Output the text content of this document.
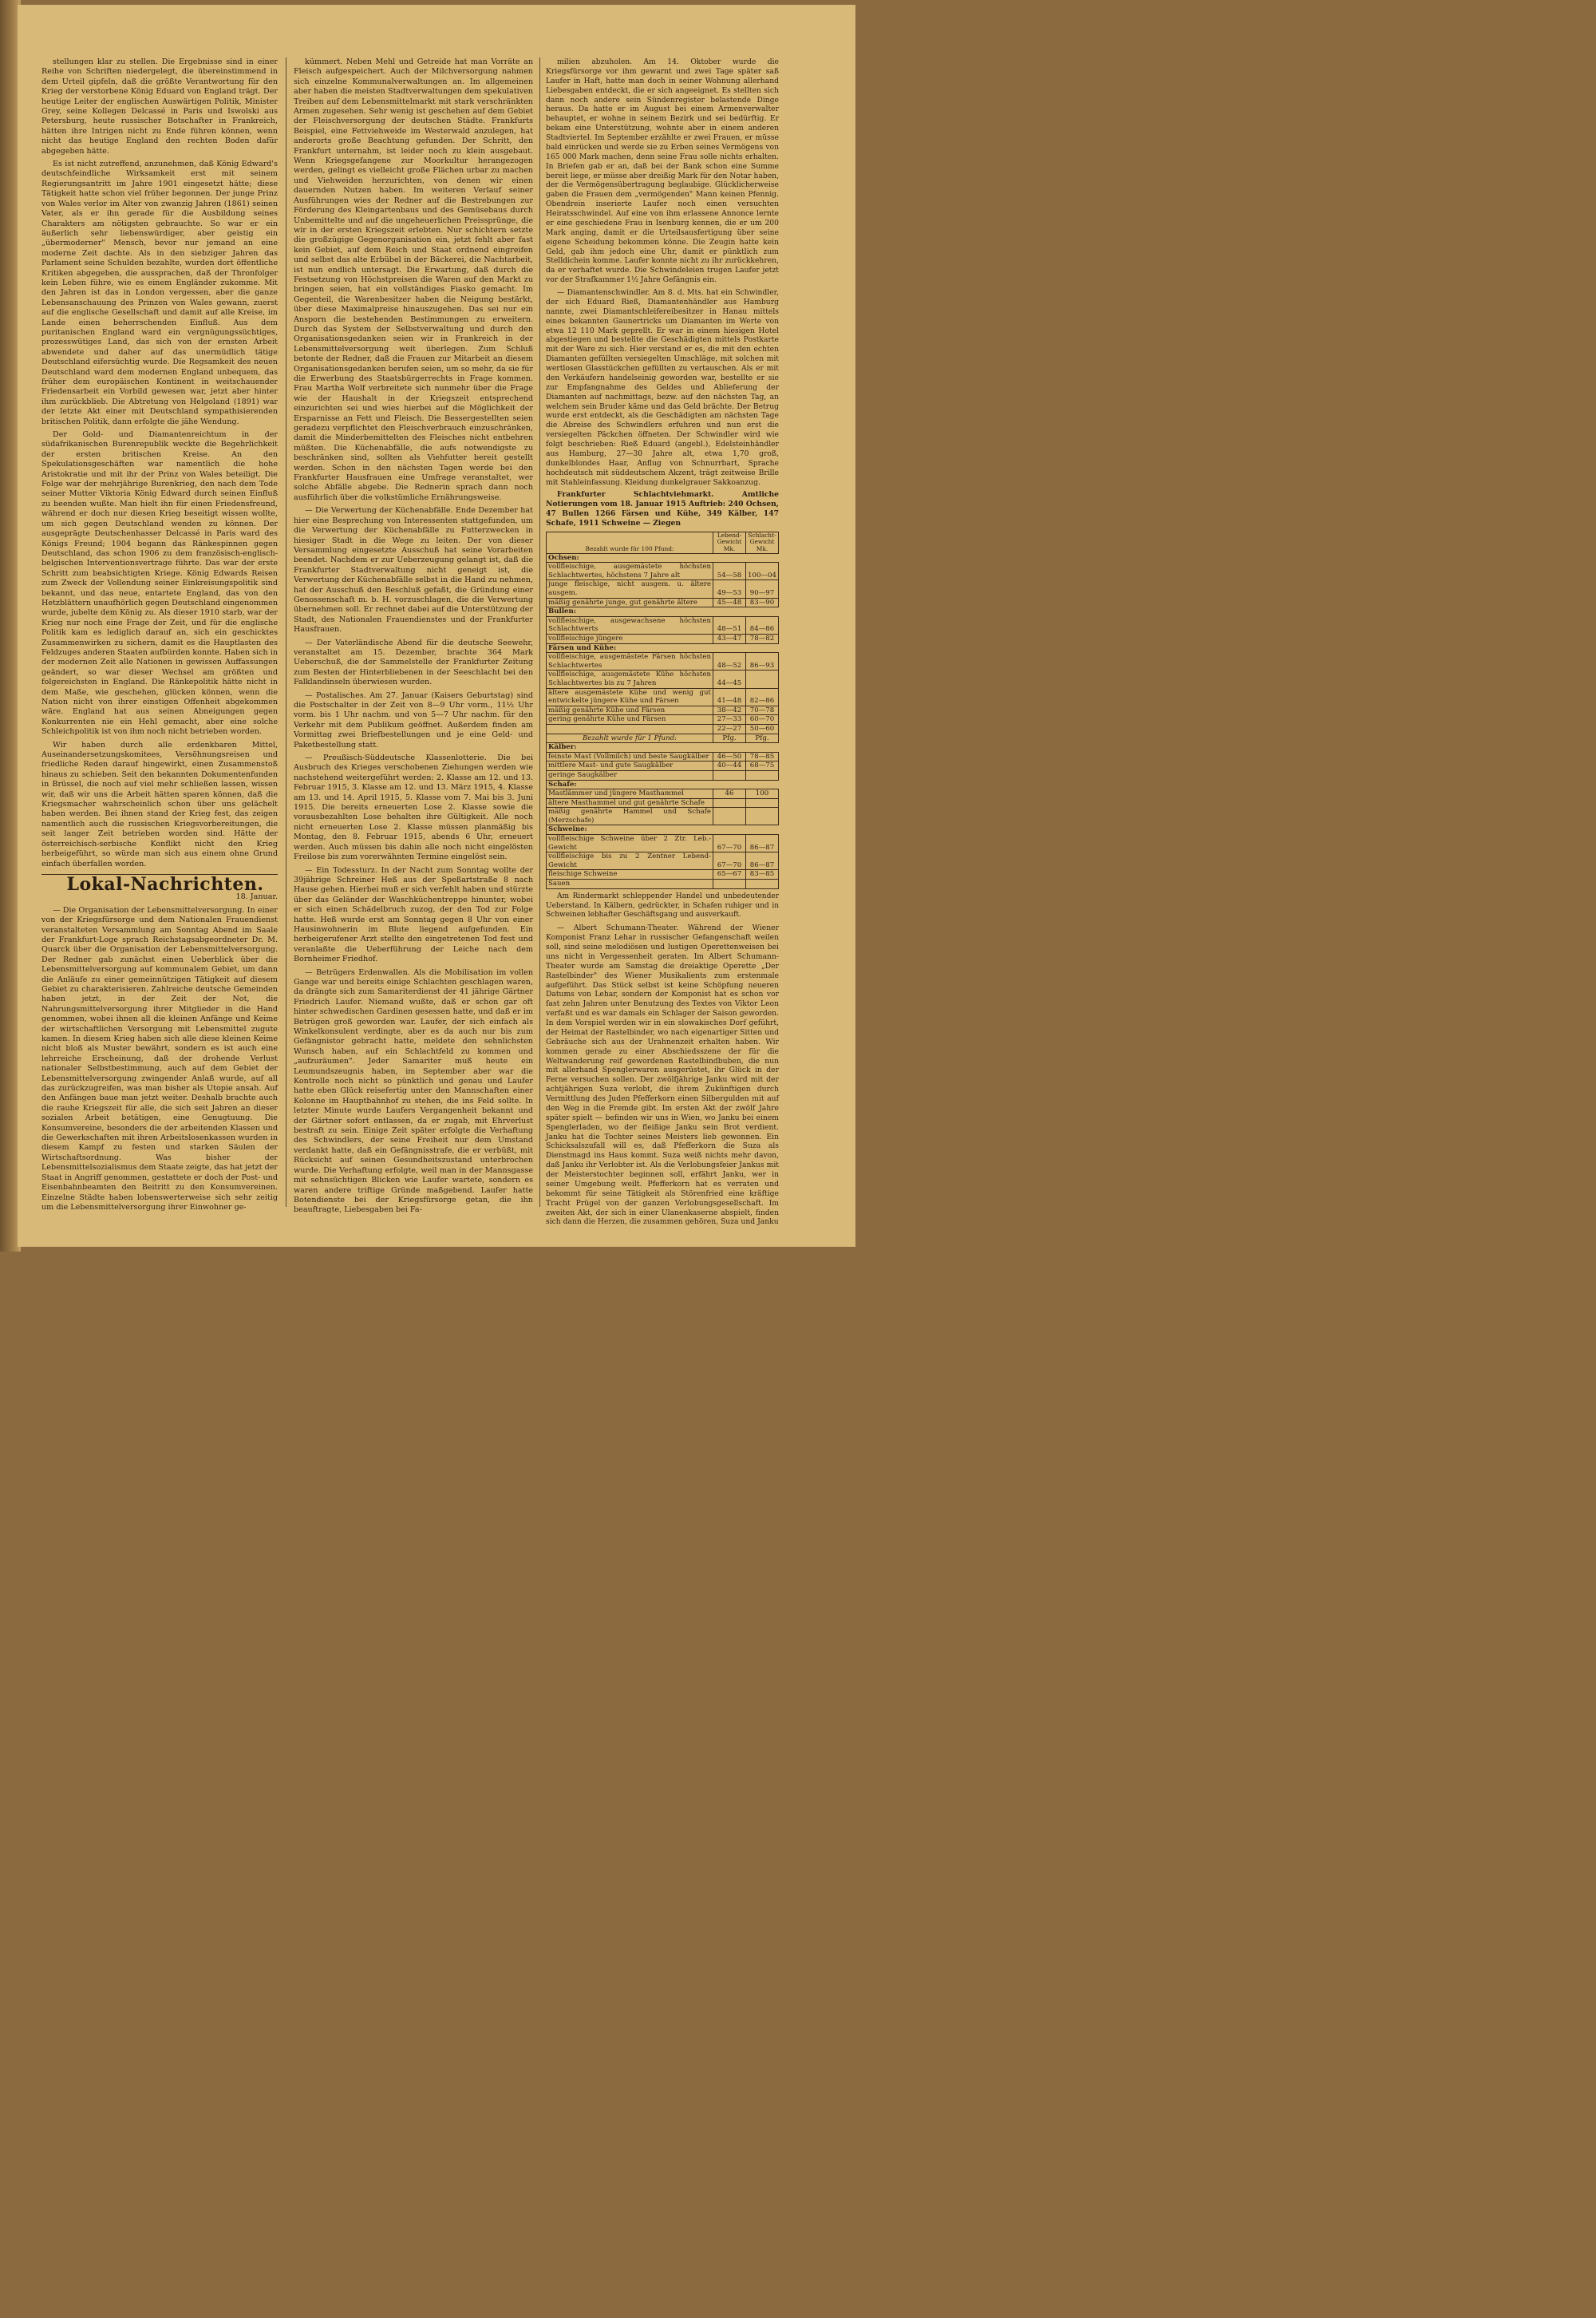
stellungen klar zu stellen. Die Ergebnisse sind in einer Reihe von Schriften niedergelegt, die übereinstimmend in dem Urteil gipfeln, daß die größte Verantwortung für den Krieg der verstorbene König Eduard von England trägt. Der heutige Leiter der englischen Auswärtigen Politik, Minister Grey, seine Kollegen Delcassé in Paris und Iswolski aus Petersburg, heute russischer Botschafter in Frankreich, hätten ihre Intrigen nicht zu Ende führen können, wenn nicht das heutige England den rechten Boden dafür abgegeben hätte.

Es ist nicht zutreffend, anzunehmen, daß König Edward's deutschfeindliche Wirksamkeit erst mit seinem Regierungsantritt im Jahre 1901 eingesetzt hätte; diese Tätigkeit hatte schon viel früher begonnen. Der junge Prinz von Wales verlor im Alter von zwanzig Jahren (1861) seinen Vater, als er ihn gerade für die Ausbildung seines Charakters am nötigsten gebrauchte. So war er ein äußerlich sehr liebenswürdiger, aber geistig ein „übermoderner" Mensch, bevor nur jemand an eine moderne Zeit dachte. Als in den siebziger Jahren das Parlament seine Schulden bezahlte, wurden dort öffentliche Kritiken abgegeben, die aussprachen, daß der Thronfolger kein Leben führe, wie es einem Engländer zukomme. Mit den Jahren ist das in London vergessen, aber die ganze Lebensanschauung des Prinzen von Wales gewann, zuerst auf die englische Gesellschaft und damit auf alle Kreise, im Lande einen beherrschenden Einfluß. Aus dem puritanischen England ward ein vergnügungssüchtiges, prozesswütiges Land, das sich von der ernsten Arbeit abwendete und daher auf das unermüdlich tätige Deutschland eifersüchtig wurde. Die Regsamkeit des neuen Deutschland ward dem modernen England unbequem, das früher dem europäischen Kontinent in weitschauender Friedensarbeit ein Vorbild gewesen war, jetzt aber hinter ihm zurückblieb. Die Abtretung von Helgoland (1891) war der letzte Akt einer mit Deutschland sympathisierenden britischen Politik, dann erfolgte die jähe Wendung.

Der Gold- und Diamantenreichtum in der südafrikanischen Burenrepublik weckte die Begehrlichkeit der ersten britischen Kreise. An den Spekulationsgeschäften war namentlich die hohe Aristokratie und mit ihr der Prinz von Wales beteiligt. Die Folge war der mehrjährige Burenkrieg, den nach dem Tode seiner Mutter Viktoria König Edward durch seinen Einfluß zu beenden wußte. Man hielt ihn für einen Friedensfreund, während er doch nur diesen Krieg beseitigt wissen wollte, um sich gegen Deutschland wenden zu können. Der ausgeprägte Deutschenhasser Delcassé in Paris ward des Königs Freund; 1904 begann das Ränkespinnen gegen Deutschland, das schon 1906 zu dem französisch-englisch-belgischen Interventionsvertrage führte. Das war der erste Schritt zum beabsichtigten Kriege. König Edwards Reisen zum Zweck der Vollendung seiner Einkreisungspolitik sind bekannt, und das neue, entartete England, das von den Hetzblättern unaufhörlich gegen Deutschland eingenommen wurde, jubelte dem König zu. Als dieser 1910 starb, war der Krieg nur noch eine Frage der Zeit, und für die englische Politik kam es lediglich darauf an, sich ein geschicktes Zusammenwirken zu sichern, damit es die Hauptlasten des Feldzuges anderen Staaten aufbürden konnte. Haben sich in der modernen Zeit alle Nationen in gewissen Auffassungen geändert, so war dieser Wechsel am größten und folgereichsten in England. Die Ränkepolitik hätte nicht in dem Maße, wie geschehen, glücken können, wenn die Nation nicht von ihrer einstigen Offenheit abgekommen wäre. England hat aus seinen Abneigungen gegen Konkurrenten nie ein Hehl gemacht, aber eine solche Schleichpolitik ist von ihm noch nicht betrieben worden.

Wir haben durch alle erdenkbaren Mittel, Auseinandersetzungskomitees, Versöhnungsreisen und friedliche Reden darauf hingewirkt, einen Zusammenstoß hinaus zu schieben. Seit den bekannten Dokumentenfunden in Brüssel, die noch auf viel mehr schließen lassen, wissen wir, daß wir uns die Arbeit hätten sparen können, daß die Kriegsmacher wahrscheinlich schon über uns gelächelt haben werden. Bei ihnen stand der Krieg fest, das zeigen namentlich auch die russischen Kriegsvorbereitungen, die seit langer Zeit betrieben worden sind. Hätte der österreichisch-serbische Konflikt nicht den Krieg herbeigeführt, so würde man sich aus einem ohne Grund einfach überfallen worden.

Lokal-Nachrichten.

18. Januar.

— Die Organisation der Lebensmittelversorgung. In einer von der Kriegsfürsorge und dem Nationalen Frauendienst veranstalteten Versammlung am Sonntag Abend im Saale der Frankfurt-Loge sprach Reichstagsabgeordneter Dr. M. Quarck über die Organisation der Lebensmittelversorgung. Der Redner gab zunächst einen Ueberblick über die Lebensmittelversorgung auf kommunalem Gebiet, um dann die Anläufe zu einer gemeinnützigen Tätigkeit auf diesem Gebiet zu charakterisieren. Zahlreiche deutsche Gemeinden haben jetzt, in der Zeit der Not, die Nahrungsmittelversorgung ihrer Mitglieder in die Hand genommen, wobei ihnen all die kleinen Anfänge und Keime der wirtschaftlichen Versorgung mit Lebensmittel zugute kamen. In diesem Krieg haben sich alle diese kleinen Keime nicht bloß als Muster bewährt, sondern es ist auch eine lehrreiche Erscheinung, daß der drohende Verlust nationaler Selbstbestimmung, auch auf dem Gebiet der Lebensmittelversorgung zwingender Anlaß wurde, auf all das zurückzugreifen, was man bisher als Utopie ansah. Auf den Anfängen baue man jetzt weiter. Deshalb brachte auch die rauhe Kriegszeit für alle, die sich seit Jahren an dieser sozialen Arbeit betätigen, eine Genugtuung. Die Konsumvereine, besonders die der arbeitenden Klassen und die Gewerkschaften mit ihren Arbeitslosenkassen wurden in diesem Kampf zu festen und starken Säulen der Wirtschaftsordnung. Was bisher der Lebensmittelsozialismus dem Staate zeigte, das hat jetzt der Staat in Angriff genommen, gestattete er doch der Post- und Eisenbahnbeamten den Beitritt zu den Konsumvereinen. Einzelne Städte haben lobenswerterweise sich sehr zeitig um die Lebensmittelversorgung ihrer Einwohner ge-

kümmert. Neben Mehl und Getreide hat man Vorräte an Fleisch aufgespeichert. Auch der Milchversorgung nahmen sich einzelne Kommunalverwaltungen an. Im allgemeinen aber haben die meisten Stadtverwaltungen dem spekulativen Treiben auf dem Lebensmittelmarkt mit stark verschränkten Armen zugesehen. Sehr wenig ist geschehen auf dem Gebiet der Fleischversorgung der deutschen Städte. Frankfurts Beispiel, eine Fettviehweide im Westerwald anzulegen, hat anderorts große Beachtung gefunden. Der Schritt, den Frankfurt unternahm, ist leider noch zu klein ausgebaut. Wenn Kriegsgefangene zur Moorkultur herangezogen werden, gelingt es vielleicht große Flächen urbar zu machen und Viehweiden herzurichten, von denen wir einen dauernden Nutzen haben. Im weiteren Verlauf seiner Ausführungen wies der Redner auf die Bestrebungen zur Förderung des Kleingartenbaus und des Gemüsebaus durch Unbemittelte und auf die ungeheuerlichen Preissprünge, die wir in der ersten Kriegszeit erlebten. Nur schichtern setzte die großzügige Gegenorganisation ein, jetzt fehlt aber fast kein Gebiet, auf dem Reich und Staat ordnend eingreifen und selbst das alte Erbübel in der Bäckerei, die Nachtarbeit, ist nun endlich untersagt. Die Erwartung, daß durch die Festsetzung von Höchstpreisen die Waren auf den Markt zu bringen seien, hat ein vollständiges Fiasko gemacht. Im Gegenteil, die Warenbesitzer haben die Neigung bestärkt, über diese Maximalpreise hinauszugehen. Das sei nur ein Ansporn die bestehenden Bestimmungen zu erweitern. Durch das System der Selbstverwaltung und durch den Organisationsgedanken seien wir in Frankreich in der Lebensmittelversorgung weit überlegen. Zum Schluß betonte der Redner, daß die Frauen zur Mitarbeit an diesem Organisationsgedanken berufen seien, um so mehr, da sie für die Erwerbung des Staatsbürgerrechts in Frage kommen. Frau Martha Wolf verbreitete sich nunmehr über die Frage wie der Haushalt in der Kriegszeit entsprechend einzurichten sei und wies hierbei auf die Möglichkeit der Ersparnisse an Fett und Fleisch. Die Bessergestellten seien geradezu verpflichtet den Fleischverbrauch einzuschränken, damit die Minderbemittelten des Fleisches nicht entbehren müßten. Die Küchenabfälle, die aufs notwendigste zu beschränken sind, sollten als Viehfutter bereit gestellt werden. Schon in den nächsten Tagen werde bei den Frankfurter Hausfrauen eine Umfrage veranstaltet, wer solche Abfälle abgebe. Die Rednerin sprach dann noch ausführlich über die volkstümliche Ernährungsweise.

— Die Verwertung der Küchenabfälle. Ende Dezember hat hier eine Besprechung von Interessenten stattgefunden, um die Verwertung der Küchenabfälle zu Futterzwecken in hiesiger Stadt in die Wege zu leiten. Der von dieser Versammlung eingesetzte Ausschuß hat seine Vorarbeiten beendet. Nachdem er zur Ueberzeugung gelangt ist, daß die Frankfurter Stadtverwaltung nicht geneigt ist, die Verwertung der Küchenabfälle selbst in die Hand zu nehmen, hat der Ausschuß den Beschluß gefaßt, die Gründung einer Genossenschaft m. b. H. vorzuschlagen, die die Verwertung übernehmen soll. Er rechnet dabei auf die Unterstützung der Stadt, des Nationalen Frauendienstes und der Frankfurter Hausfrauen.

— Der Vaterländische Abend für die deutsche Seewehr, veranstaltet am 15. Dezember, brachte 364 Mark Ueberschuß, die der Sammelstelle der Frankfurter Zeitung zum Besten der Hinterbliebenen in der Seeschlacht bei den Falklandinseln überwiesen wurden.

— Postalisches. Am 27. Januar (Kaisers Geburtstag) sind die Postschalter in der Zeit von 8—9 Uhr vorm., 11½ Uhr vorm. bis 1 Uhr nachm. und von 5—7 Uhr nachm. für den Verkehr mit dem Publikum geöffnet. Außerdem finden am Vormittag zwei Briefbestellungen und je eine Geld- und Paketbestellung statt.

— Preußisch-Süddeutsche Klassenlotterie. Die bei Ausbruch des Krieges verschobenen Ziehungen werden wie nachstehend weitergeführt werden: 2. Klasse am 12. und 13. Februar 1915, 3. Klasse am 12. und 13. März 1915, 4. Klasse am 13. und 14. April 1915, 5. Klasse vom 7. Mai bis 3. Juni 1915. Die bereits erneuerten Lose 2. Klasse sowie die vorausbezahlten Lose behalten ihre Gültigkeit. Alle noch nicht erneuerten Lose 2. Klasse müssen planmäßig bis Montag, den 8. Februar 1915, abends 6 Uhr, erneuert werden. Auch müssen bis dahin alle noch nicht eingelösten Freilose bis zum vorerwähnten Termine eingelöst sein.

— Ein Todessturz. In der Nacht zum Sonntag wollte der 39jährige Schreiner Heß aus der Speßartstraße 8 nach Hause gehen. Hierbei muß er sich verfehlt haben und stürzte über das Geländer der Waschküchentreppe hinunter, wobei er sich einen Schädelbruch zuzog, der den Tod zur Folge hatte. Heß wurde erst am Sonntag gegen 8 Uhr von einer Hausinwohnerin im Blute liegend aufgefunden. Ein herbeigerufener Arzt stellte den eingetretenen Tod fest und veranlaßte die Ueberführung der Leiche nach dem Bornheimer Friedhof.

— Betrügers Erdenwallen. Als die Mobilisation im vollen Gange war und bereits einige Schlachten geschlagen waren, da drängte sich zum Samariterdienst der 41 jährige Gärtner Friedrich Laufer. Niemand wußte, daß er schon gar oft hinter schwedischen Gardinen gesessen hatte, und daß er im Betrügen groß geworden war. Laufer, der sich einfach als Winkelkonsulent verdingte, aber es da auch nur bis zum Gefängnistor gebracht hatte, meldete den sehnlichsten Wunsch haben, auf ein Schlachtfeld zu kommen und „aufzuräumen". Jeder Samariter muß heute ein Leumundszeugnis haben, im September aber war die Kontrolle noch nicht so pünktlich und genau und Laufer hatte eben Glück reisefertig unter den Mannschaften einer Kolonne im Hauptbahnhof zu stehen, die ins Feld sollte. In letzter Minute wurde Laufers Vergangenheit bekannt und der Gärtner sofort entlassen, da er zugab, mit Ehrverlust bestraft zu sein. Einige Zeit später erfolgte die Verhaftung des Schwindlers, der seine Freiheit nur dem Umstand verdankt hatte, daß ein Gefängnisstrafe, die er verbüßt, mit Rücksicht auf seinen Gesundheitszustand unterbrochen wurde. Die Verhaftung erfolgte, weil man in der Mannsgasse mit sehnsüchtigen Blicken wie Laufer wartete, sondern es waren andere triftige Gründe maßgebend. Laufer hatte Botendienste bei der Kriegsfürsorge getan, die ihn beauftragte, Liebesgaben bei Fa-

milien abzuholen. Am 14. Oktober wurde die Kriegsfürsorge vor ihm gewarnt und zwei Tage später saß Laufer in Haft, hatte man doch in seiner Wohnung allerhand Liebesgaben entdeckt, die er sich angeeignet. Es stellten sich dann noch andere sein Sündenregister belastende Dinge heraus. Da hatte er im August bei einem Armenverwalter behauptet, er wohne in seinem Bezirk und sei bedürftig. Er bekam eine Unterstützung, wohnte aber in einem anderen Stadtviertel. Im September erzählte er zwei Frauen, er müsse bald einrücken und werde sie zu Erben seines Vermögens von 165 000 Mark machen, denn seine Frau solle nichts erhalten. In Briefen gab er an, daß bei der Bank schon eine Summe bereit liege, er müsse aber dreißig Mark für den Notar haben, der die Vermögensübertragung beglaubige. Glücklicherweise gaben die Frauen dem „vermögenden" Mann keinen Pfennig. Obendrein inserierte Laufer noch einen versuchten Heiratsschwindel. Auf eine von ihm erlassene Annonce lernte er eine geschiedene Frau in Isenburg kennen, die er um 200 Mark anging, damit er die Urteilsausfertigung über seine eigene Scheidung bekommen könne. Die Zeugin hatte kein Geld, gab ihm jedoch eine Uhr, damit er pünktlich zum Stelldichein komme. Laufer konnte nicht zu ihr zurückkehren, da er verhaftet wurde. Die Schwindeleien trugen Laufer jetzt vor der Strafkammer 1½ Jahre Gefängnis ein.

— Diamantenschwindler. Am 8. d. Mts. hat ein Schwindler, der sich Eduard Rieß, Diamantenhändler aus Hamburg nannte, zwei Diamantschleifereibesitzer in Hanau mittels eines bekannten Gaunertricks um Diamanten im Werte von etwa 12 110 Mark geprellt. Er war in einem hiesigen Hotel abgestiegen und bestellte die Geschädigten mittels Postkarte mit der Ware zu sich. Hier verstand er es, die mit den echten Diamanten gefüllten versiegelten Umschläge, mit solchen mit wertlosen Glasstückchen gefüllten zu vertauschen. Als er mit den Verkäufern handelseinig geworden war, bestellte er sie zur Empfangnahme des Geldes und Ablieferung der Diamanten auf nachmittags, bezw. auf den nächsten Tag, an welchem sein Bruder käme und das Geld brächte. Der Betrug wurde erst entdeckt, als die Geschädigten am nächsten Tage die Abreise des Schwindlers erfuhren und nun erst die versiegelten Päckchen öffneten. Der Schwindler wird wie folgt beschrieben: Rieß Eduard (angebl.), Edelsteinhändler aus Hamburg, 27—30 Jahre alt, etwa 1,70 groß, dunkelblondes Haar, Anflug von Schnurrbart, Sprache hochdeutsch mit süddeutschem Akzent, trägt zeitweise Brille mit Stahleinfassung. Kleidung dunkelgrauer Sakkoanzug.

Frankfurter Schlachtviehmarkt. Amtliche Notierungen vom 18. Januar 1915 Auftrieb: 240 Ochsen, 47 Bullen 1266 Färsen und Kühe, 349 Kälber, 147 Schafe, 1911 Schweine — Ziegen

Bezahlt wurde für 100 Pfund:	Lebend-Gewicht Mk.	Schlacht-Gewicht Mk.
Ochsen:		
vollfleischige, ausgemästete höchsten Schlachtwertes, höchstens 7 Jahre alt	54—58	100—04
junge fleischige, nicht ausgem. u. ältere ausgem.	49—53	90—97
mäßig genährte junge, gut genährte ältere	45—48	83—90
Bullen:		
vollfleischige, ausgewachsene höchsten Schlachtwerts	48—51	84—86
vollfleischige jüngere	43—47	78—82
Färsen und Kühe:		
vollfleischige, ausgemästete Färsen höchsten Schlachtwertes	48—52	86—93
vollfleischige, ausgemästete Kühe höchsten Schlachtwertes bis zu 7 Jahren	44—45	
ältere ausgemästete Kühe und wenig gut entwickelte jüngere Kühe und Färsen	41—48	82—86
mäßig genährte Kühe und Färsen	38—42	70—78
gering genährte Kühe und Färsen	27—33	60—70
	22—27	50—60
Bezahlt wurde für 1 Pfund:	Pfg.	Pfg.
Kälber:		
feinste Mast (Vollmilch) und beste Saugkälber	46—50	78—85
mittlere Mast- und gute Saugkälber	40—44	68—75
geringe Saugkälber		
Schafe:		
Mastlämmer und jüngere Masthammel	46	100
ältere Masthammel und gut genährte Schafe		
mäßig genährte Hammel und Schafe (Merzschafe)		
Schweine:		
vollfleischige Schweine über 2 Ztr. Leb.-Gewicht	67—70	86—87
vollfleischige bis zu 2 Zentner Lebend-Gewicht	67—70	86—87
fleischige Schweine	65—67	83—85
Sauen		

Am Rindermarkt schleppender Handel und unbedeutender Ueberstand. In Kälbern, gedrückter, in Schafen ruhiger und in Schweinen lebhafter Geschäftsgang und ausverkauft.

— Albert Schumann-Theater. Während der Wiener Komponist Franz Lehar in russischer Gefangenschaft weilen soll, sind seine melodiösen und lustigen Operettenweisen bei uns nicht in Vergessenheit geraten. Im Albert Schumann-Theater wurde am Samstag die dreiaktige Operette „Der Rastelbinder" des Wiener Musikalients zum erstenmale aufgeführt. Das Stück selbst ist keine Schöpfung neueren Datums von Lehar, sondern der Komponist hat es schon vor fast zehn Jahren unter Benutzung des Textes von Viktor Leon verfaßt und es war damals ein Schlager der Saison geworden. In dem Vorspiel werden wir in ein slowakisches Dorf geführt, der Heimat der Rastelbinder, wo nach eigenartiger Sitten und Gebräuche sich aus der Urahnenzeit erhalten haben. Wir kommen gerade zu einer Abschiedsszene der für die Weltwanderung reif gewordenen Rastelbindbuben, die nun mit allerhand Spenglerwaren ausgerüstet, ihr Glück in der Ferne versuchen sollen. Der zwölfjährige Janku wird mit der achtjährigen Suza verlobt, die ihrem Zukünftigen durch Vermittlung des Juden Pfefferkorn einen Silbergulden mit auf den Weg in die Fremde gibt. Im ersten Akt der zwölf Jahre später spielt — befinden wir uns in Wien, wo Janku bei einem Spenglerladen, wo der fleißige Janku sein Brot verdient. Janku hat die Tochter seines Meisters lieb gewonnen. Ein Schicksalszufall will es, daß Pfefferkorn die Suza als Dienstmagd ins Haus kommt. Suza weiß nichts mehr davon, daß Janku ihr Verlobter ist. Als die Verlobungsfeier Jankus mit der Meisterstochter beginnen soll, erfährt Janku, wer in seiner Umgebung weilt. Pfefferkorn hat es verraten und bekommt für seine Tätigkeit als Störenfried eine kräftige Tracht Prügel von der ganzen Verlobungsgesellschaft. Im zweiten Akt, der sich in einer Ulanenkaserne abspielt, finden sich dann die Herzen, die zusammen gehören, Suza und Janku
